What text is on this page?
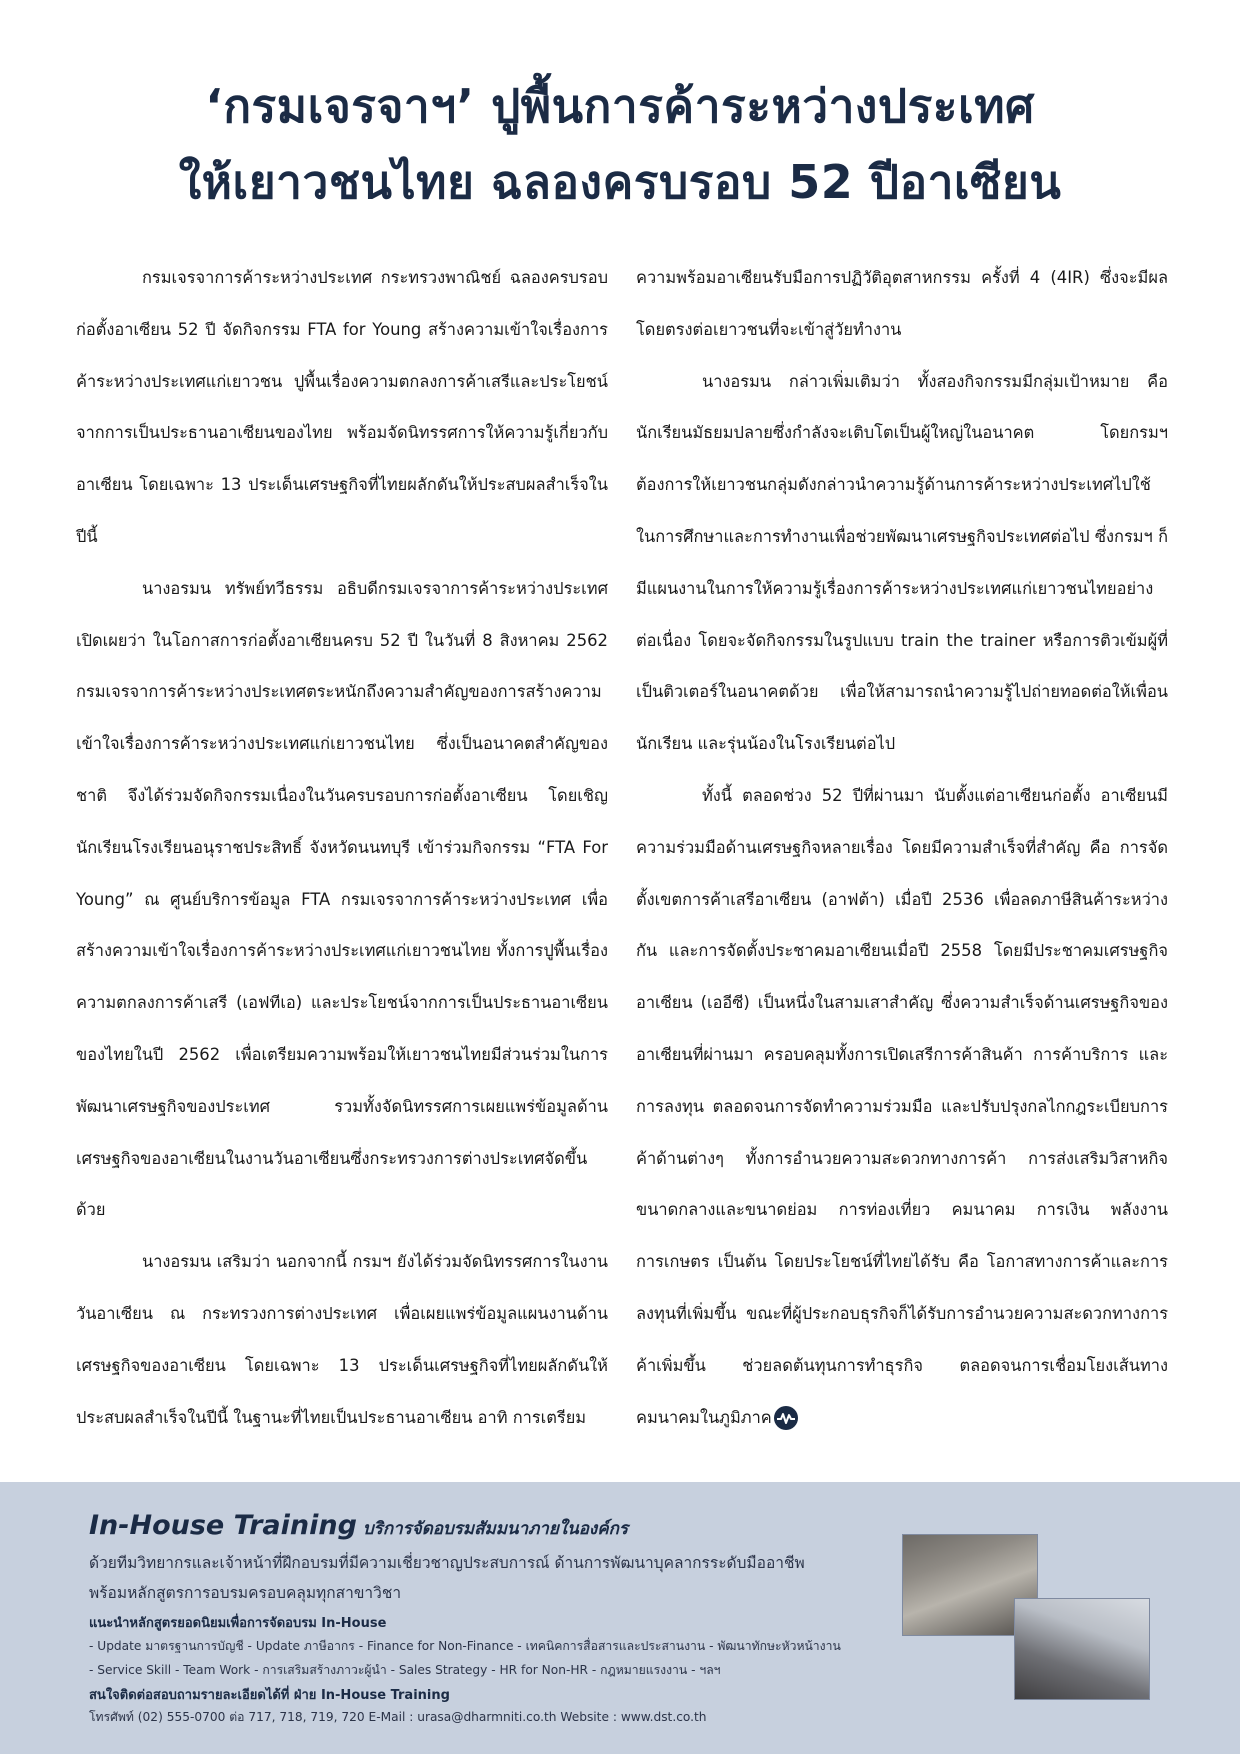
‘กรมเจรจาฯ’ ปูพื้นการค้าระหว่างประเทศ
ให้เยาวชนไทย ฉลองครบรอบ 52 ปีอาเซียน

กรมเจรจาการค้าระหว่างประเทศ กระทรวงพาณิชย์ ฉลองครบรอบก่อตั้งอาเซียน 52 ปี จัดกิจกรรม FTA for Young สร้างความเข้าใจเรื่องการค้าระหว่างประเทศแก่เยาวชน ปูพื้นเรื่องความตกลงการค้าเสรีและประโยชน์จากการเป็นประธานอาเซียนของไทย พร้อมจัดนิทรรศการให้ความรู้เกี่ยวกับอาเซียน โดยเฉพาะ 13 ประเด็นเศรษฐกิจที่ไทยผลักดันให้ประสบผลสำเร็จในปีนี้

นางอรมน ทรัพย์ทวีธรรม อธิบดีกรมเจรจาการค้าระหว่างประเทศ เปิดเผยว่า ในโอกาสการก่อตั้งอาเซียนครบ 52 ปี ในวันที่ 8 สิงหาคม 2562 กรมเจรจาการค้าระหว่างประเทศตระหนักถึงความสำคัญของการสร้างความเข้าใจเรื่องการค้าระหว่างประเทศแก่เยาวชนไทย ซึ่งเป็นอนาคตสำคัญของชาติ จึงได้ร่วมจัดกิจกรรมเนื่องในวันครบรอบการก่อตั้งอาเซียน โดยเชิญนักเรียนโรงเรียนอนุราชประสิทธิ์ จังหวัดนนทบุรี เข้าร่วมกิจกรรม “FTA For Young” ณ ศูนย์บริการข้อมูล FTA กรมเจรจาการค้าระหว่างประเทศ เพื่อสร้างความเข้าใจเรื่องการค้าระหว่างประเทศแก่เยาวชนไทย ทั้งการปูพื้นเรื่องความตกลงการค้าเสรี (เอฟทีเอ) และประโยชน์จากการเป็นประธานอาเซียนของไทยในปี 2562 เพื่อเตรียมความพร้อมให้เยาวชนไทยมีส่วนร่วมในการพัฒนาเศรษฐกิจของประเทศ รวมทั้งจัดนิทรรศการเผยแพร่ข้อมูลด้านเศรษฐกิจของอาเซียนในงานวันอาเซียนซึ่งกระทรวงการต่างประเทศจัดขึ้นด้วย

นางอรมน เสริมว่า นอกจากนี้ กรมฯ ยังได้ร่วมจัดนิทรรศการในงานวันอาเซียน ณ กระทรวงการต่างประเทศ เพื่อเผยแพร่ข้อมูลแผนงานด้านเศรษฐกิจของอาเซียน โดยเฉพาะ 13 ประเด็นเศรษฐกิจที่ไทยผลักดันให้ประสบผลสำเร็จในปีนี้ ในฐานะที่ไทยเป็นประธานอาเซียน อาทิ การเตรียม

ความพร้อมอาเซียนรับมือการปฏิวัติอุตสาหกรรม ครั้งที่ 4 (4IR) ซึ่งจะมีผลโดยตรงต่อเยาวชนที่จะเข้าสู่วัยทำงาน

นางอรมน กล่าวเพิ่มเติมว่า ทั้งสองกิจกรรมมีกลุ่มเป้าหมาย คือ นักเรียนมัธยมปลายซึ่งกำลังจะเติบโตเป็นผู้ใหญ่ในอนาคต โดยกรมฯ ต้องการให้เยาวชนกลุ่มดังกล่าวนำความรู้ด้านการค้าระหว่างประเทศไปใช้ในการศึกษาและการทำงานเพื่อช่วยพัฒนาเศรษฐกิจประเทศต่อไป ซึ่งกรมฯ ก็มีแผนงานในการให้ความรู้เรื่องการค้าระหว่างประเทศแก่เยาวชนไทยอย่างต่อเนื่อง โดยจะจัดกิจกรรมในรูปแบบ train the trainer หรือการติวเข้มผู้ที่เป็นติวเตอร์ในอนาคตด้วย เพื่อให้สามารถนำความรู้ไปถ่ายทอดต่อให้เพื่อนนักเรียน และรุ่นน้องในโรงเรียนต่อไป

ทั้งนี้ ตลอดช่วง 52 ปีที่ผ่านมา นับตั้งแต่อาเซียนก่อตั้ง อาเซียนมีความร่วมมือด้านเศรษฐกิจหลายเรื่อง โดยมีความสำเร็จที่สำคัญ คือ การจัดตั้งเขตการค้าเสรีอาเซียน (อาฟต้า) เมื่อปี 2536 เพื่อลดภาษีสินค้าระหว่างกัน และการจัดตั้งประชาคมอาเซียนเมื่อปี 2558 โดยมีประชาคมเศรษฐกิจอาเซียน (เออีซี) เป็นหนึ่งในสามเสาสำคัญ ซึ่งความสำเร็จด้านเศรษฐกิจของอาเซียนที่ผ่านมา ครอบคลุมทั้งการเปิดเสรีการค้าสินค้า การค้าบริการ และการลงทุน ตลอดจนการจัดทำความร่วมมือ และปรับปรุงกลไกกฎระเบียบการค้าด้านต่างๆ ทั้งการอำนวยความสะดวกทางการค้า การส่งเสริมวิสาหกิจขนาดกลางและขนาดย่อม การท่องเที่ยว คมนาคม การเงิน พลังงาน การเกษตร เป็นต้น โดยประโยชน์ที่ไทยได้รับ คือ โอกาสทางการค้าและการลงทุนที่เพิ่มขึ้น ขณะที่ผู้ประกอบธุรกิจก็ได้รับการอำนวยความสะดวกทางการค้าเพิ่มขึ้น ช่วยลดต้นทุนการทำธุรกิจ ตลอดจนการเชื่อมโยงเส้นทางคมนาคมในภูมิภาค

In-House Training บริการจัดอบรมสัมมนาภายในองค์กร
ด้วยทีมวิทยากรและเจ้าหน้าที่ฝึกอบรมที่มีความเชี่ยวชาญประสบการณ์ ด้านการพัฒนาบุคลากรระดับมืออาชีพ
พร้อมหลักสูตรการอบรมครอบคลุมทุกสาขาวิชา
แนะนำหลักสูตรยอดนิยมเพื่อการจัดอบรม In-House
- Update มาตรฐานการบัญชี - Update ภาษีอากร - Finance for Non-Finance - เทคนิคการสื่อสารและประสานงาน - พัฒนาทักษะหัวหน้างาน
- Service Skill - Team Work - การเสริมสร้างภาวะผู้นำ - Sales Strategy - HR for Non-HR - กฎหมายแรงงาน - ฯลฯ
สนใจติดต่อสอบถามรายละเอียดได้ที่ ฝ่าย In-House Training
โทรศัพท์ (02) 555-0700 ต่อ 717, 718, 719, 720 E-Mail : urasa@dharmniti.co.th Website : www.dst.co.th
